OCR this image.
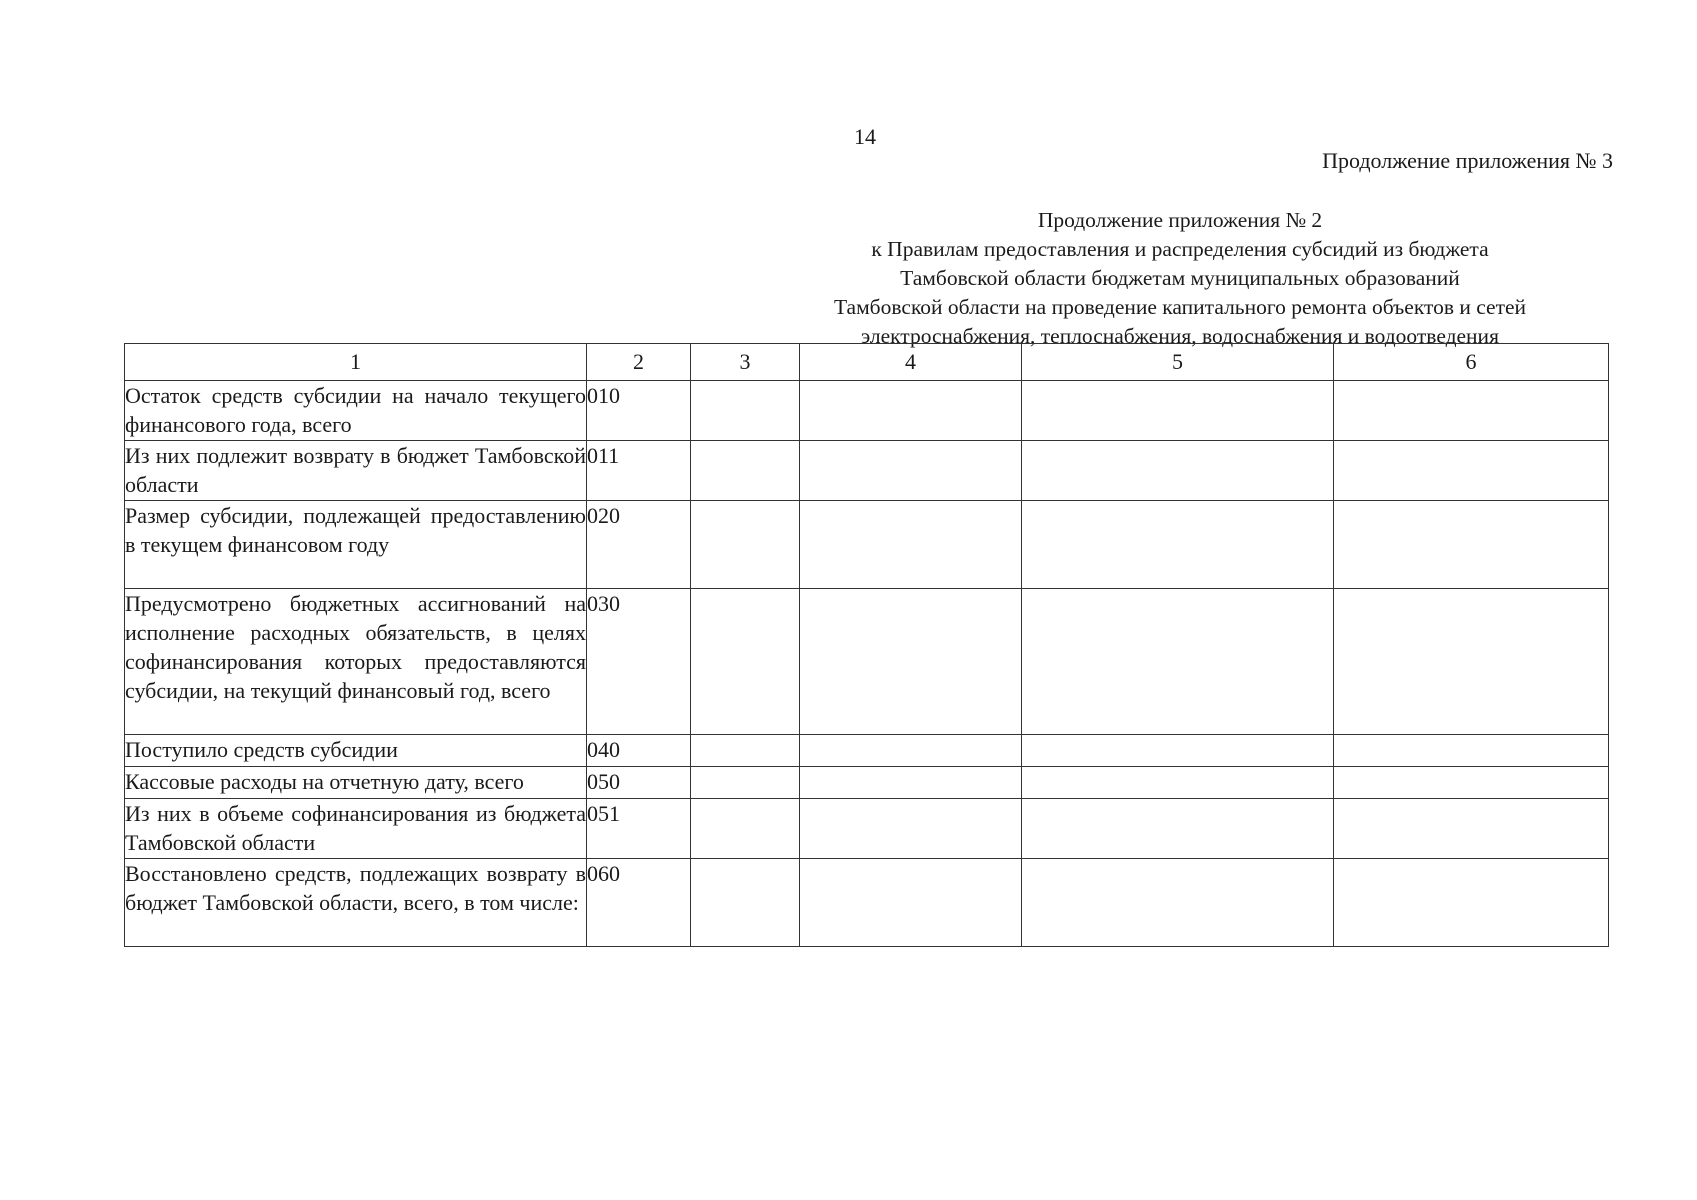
14
Продолжение приложения № 3
Продолжение приложения № 2
к Правилам предоставления и распределения субсидий из бюджета
Тамбовской области бюджетам муниципальных образований
Тамбовской области на проведение капитального ремонта объектов и сетей
электроснабжения, теплоснабжения, водоснабжения и водоотведения
1	2	3	4	5	6
Остаток средств субсидии на начало текущего финансового года, всего	010				
Из них подлежит возврату в бюджет Тамбовской области	011				
Размер субсидии, подлежащей предоставлению в текущем финансовом году	020				
Предусмотрено бюджетных ассигнований на исполнение расходных обязательств, в целях софинансирования которых предоставляются субсидии, на текущий финансовый год, всего	030				
Поступило средств субсидии	040				
Кассовые расходы на отчетную дату, всего	050				
Из них в объеме софинансирования из бюджета Тамбовской области	051				
Восстановлено средств, подлежащих возврату в бюджет Тамбовской области, всего, в том числе:	060				
